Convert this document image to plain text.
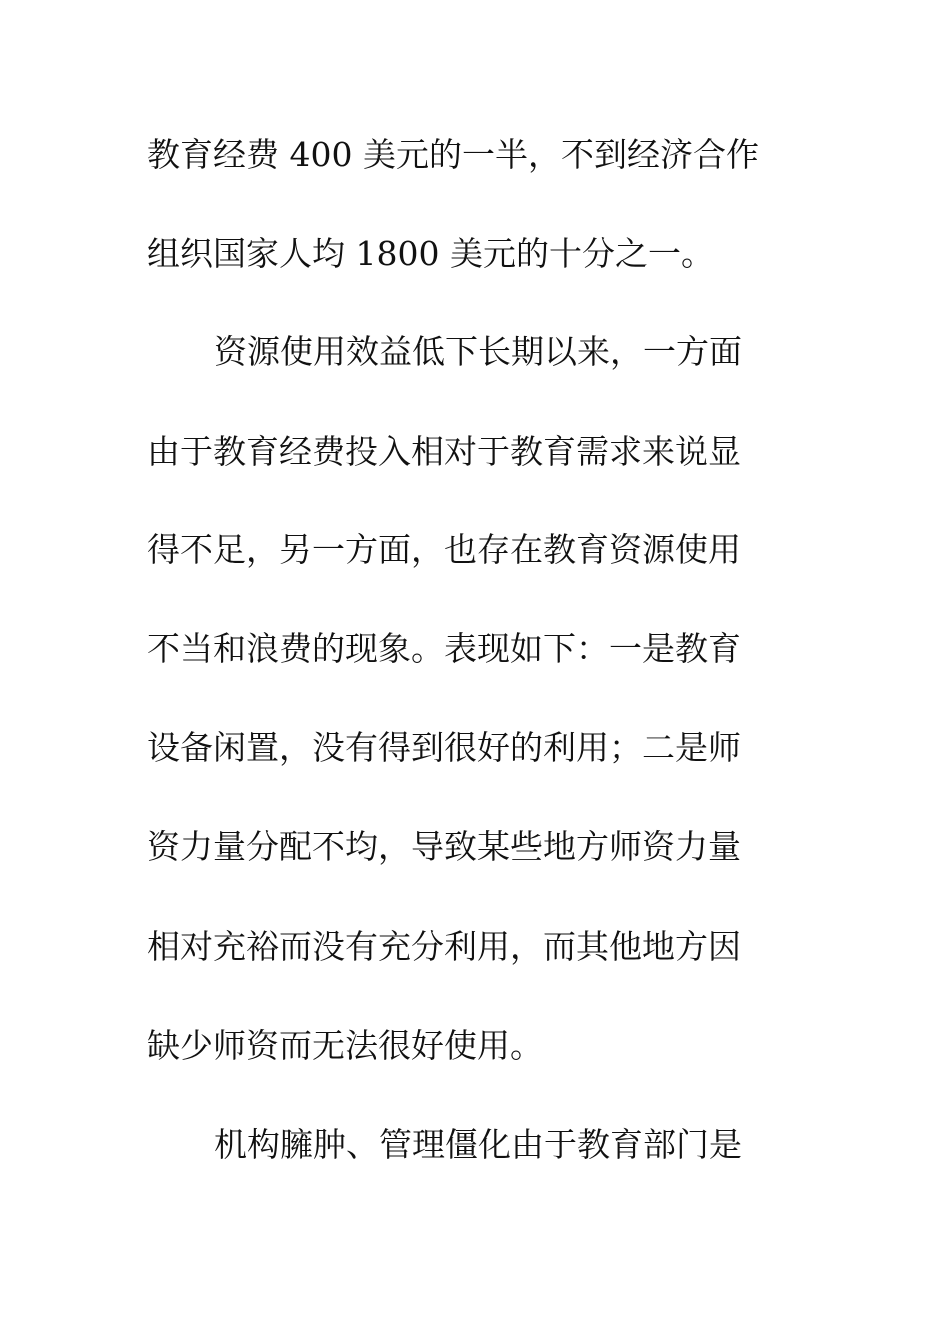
教育经费 400 美元的一半，不到经济合作
组织国家人均 1800 美元的十分之一。
资源使用效益低下长期以来，一方面
由于教育经费投入相对于教育需求来说显
得不足，另一方面，也存在教育资源使用
不当和浪费的现象。表现如下：一是教育
设备闲置，没有得到很好的利用；二是师
资力量分配不均，导致某些地方师资力量
相对充裕而没有充分利用，而其他地方因
缺少师资而无法很好使用。
机构臃肿、管理僵化由于教育部门是
